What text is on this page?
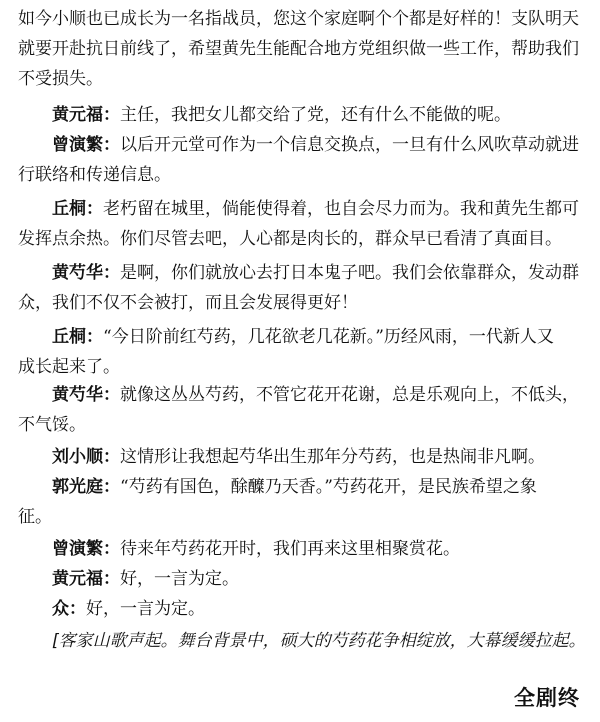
如今小顺也已成长为一名指战员，您这个家庭啊个个都是好样的！支队明天
就要开赴抗日前线了，希望黄先生能配合地方党组织做一些工作，帮助我们
不受损失。

黄元福：主任，我把女儿都交给了党，还有什么不能做的呢。

曾演繁：以后开元堂可作为一个信息交换点，一旦有什么风吹草动就进
行联络和传递信息。

丘桐：老朽留在城里，倘能使得着，也自会尽力而为。我和黄先生都可
发挥点余热。你们尽管去吧，人心都是肉长的，群众早已看清了真面目。

黄芍华：是啊，你们就放心去打日本鬼子吧。我们会依靠群众，发动群
众，我们不仅不会被打，而且会发展得更好！

丘桐：“今日阶前红芍药，几花欲老几花新。”历经风雨，一代新人又
成长起来了。

黄芍华：就像这丛丛芍药，不管它花开花谢，总是乐观向上，不低头，
不气馁。

刘小顺：这情形让我想起芍华出生那年分芍药，也是热闹非凡啊。

郭光庭：“芍药有国色，酴醾乃天香。”芍药花开，是民族希望之象
征。

曾演繁：待来年芍药花开时，我们再来这里相聚赏花。

黄元福：好，一言为定。

众：好，一言为定。

[客家山歌声起。舞台背景中，硕大的芍药花争相绽放，大幕缓缓拉起。

全剧终
